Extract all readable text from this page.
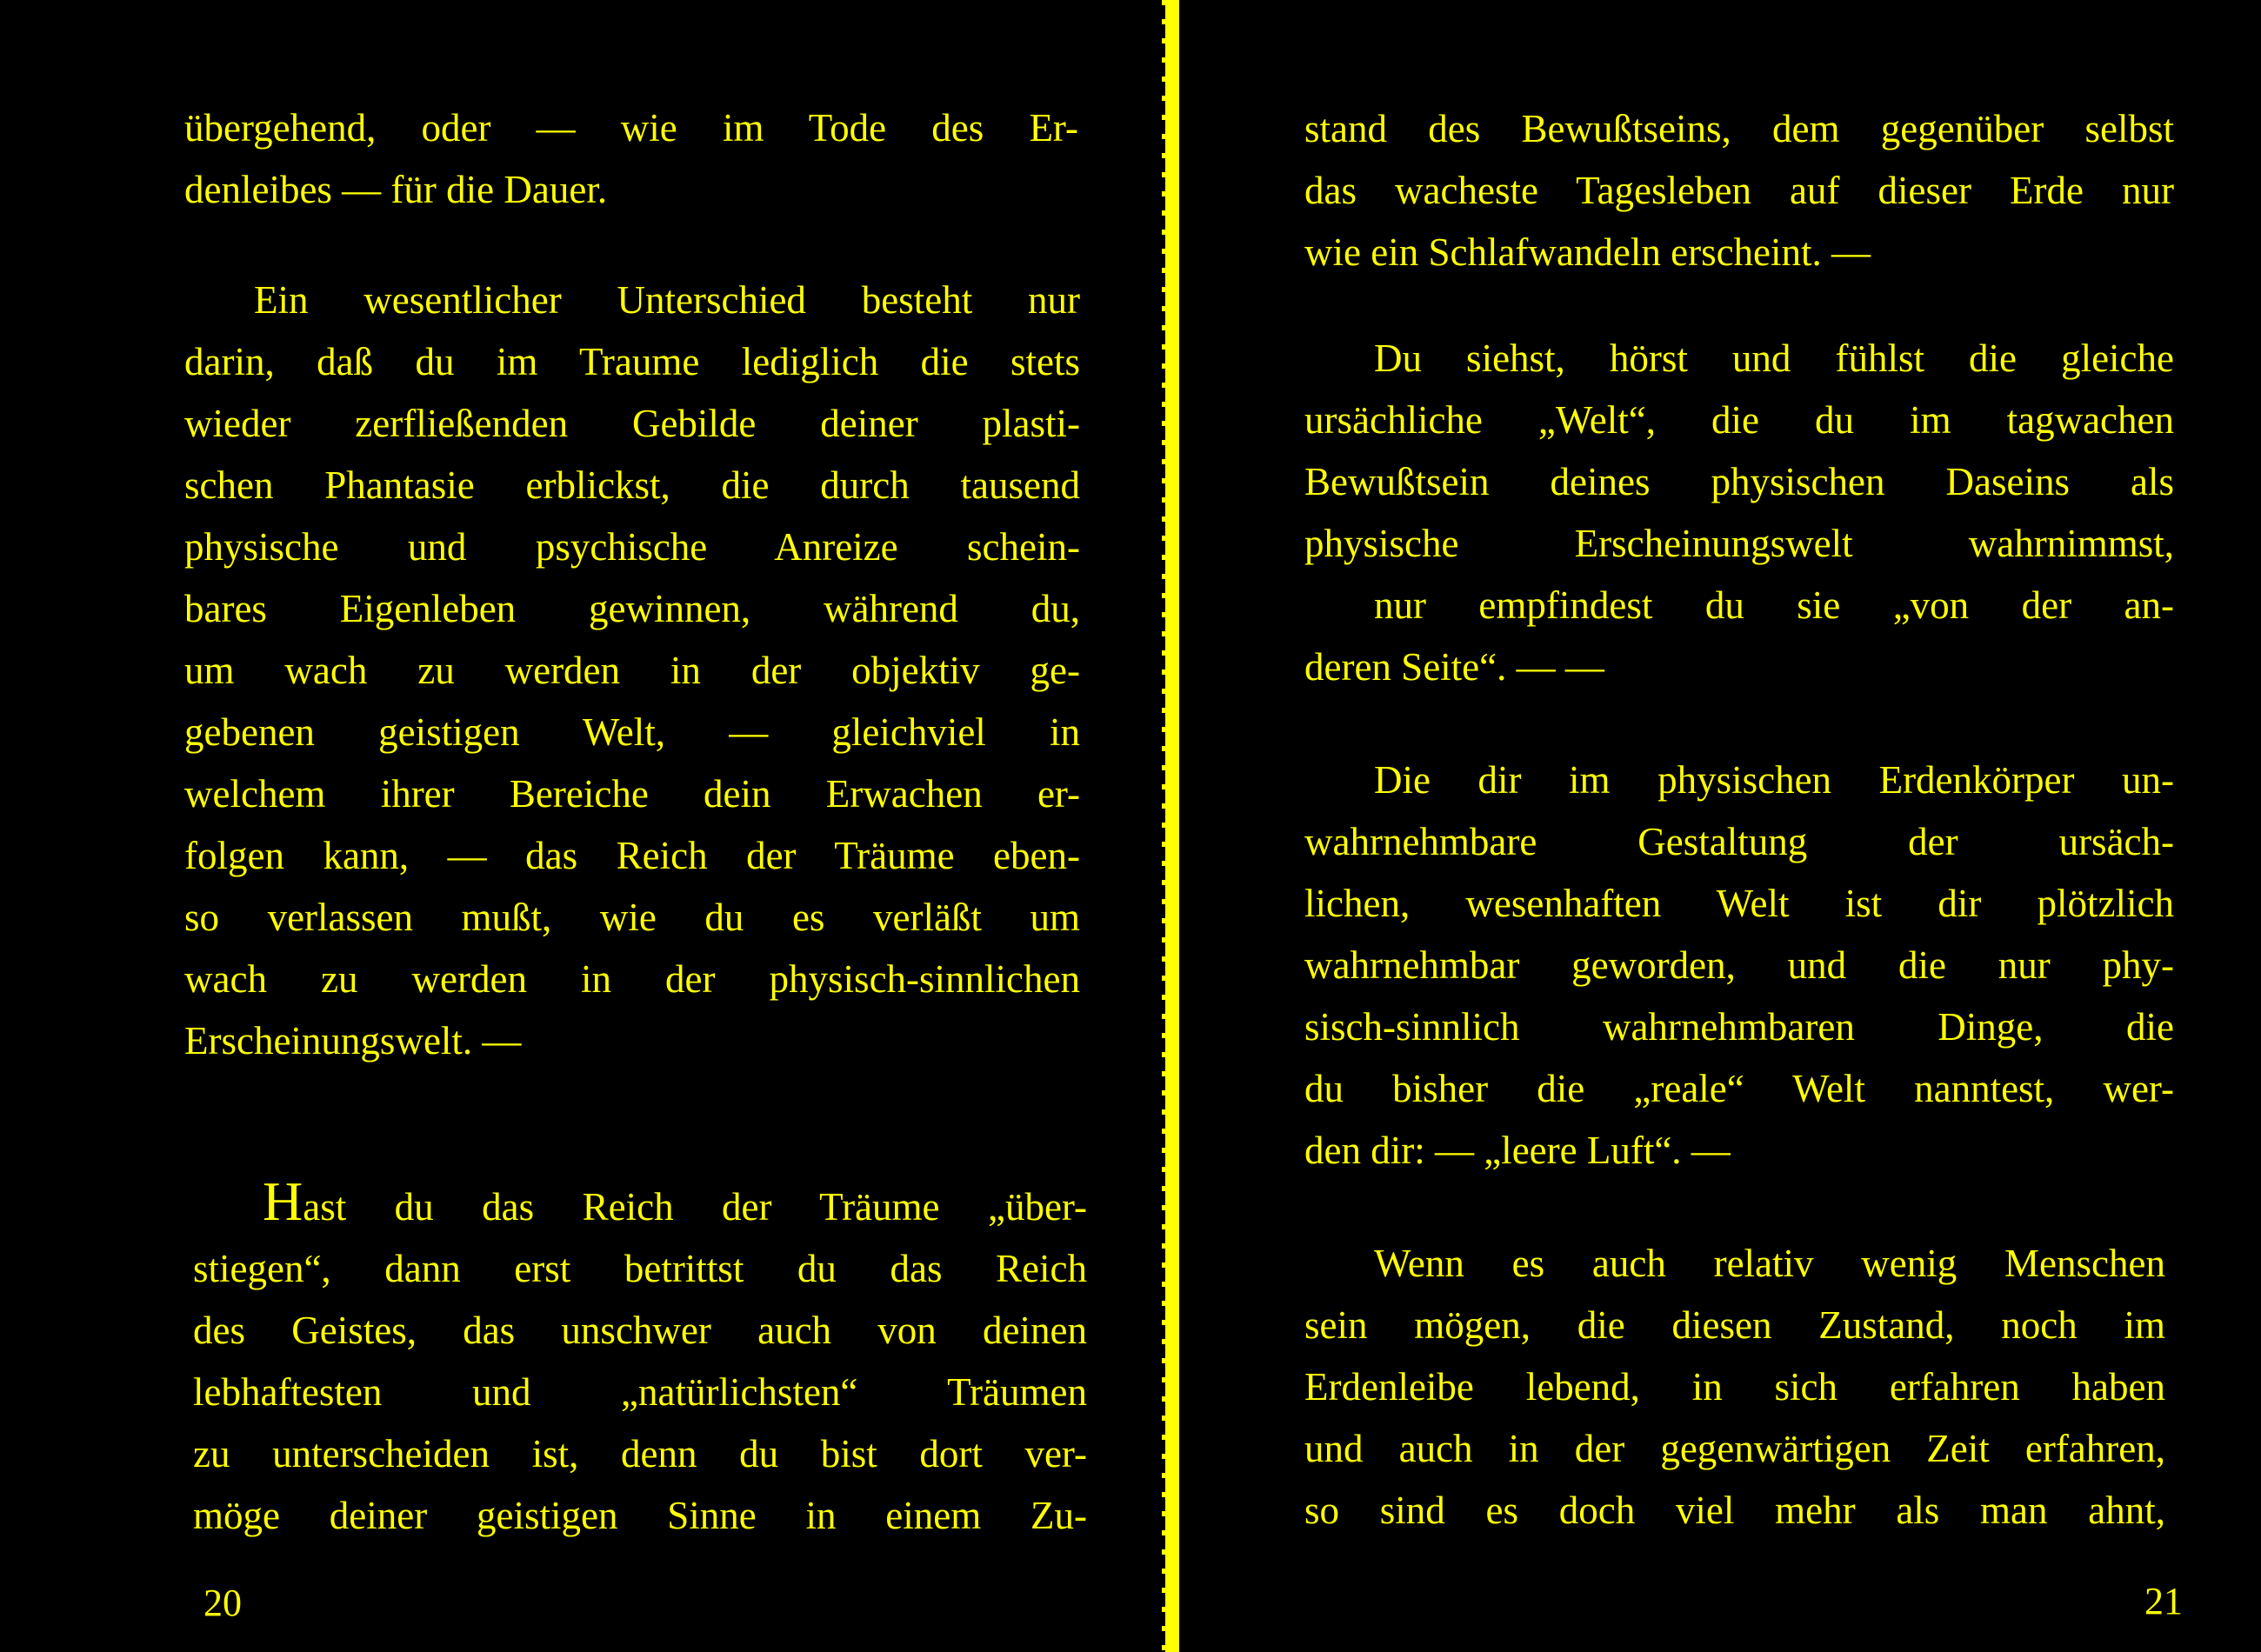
übergehend, oder — wie im Tode des Er-
denleibes — für die Dauer.
Ein wesentlicher Unterschied besteht nur
darin, daß du im Traume lediglich die stets
wieder zerfließenden Gebilde deiner plasti-
schen Phantasie erblickst, die durch tausend
physische und psychische Anreize schein-
bares Eigenleben gewinnen, während du,
um wach zu werden in der objektiv ge-
gebenen geistigen Welt, — gleichviel in
welchem ihrer Bereiche dein Erwachen er-
folgen kann, — das Reich der Träume eben-
so verlassen mußt, wie du es verläßt um
wach zu werden in der physisch-sinnlichen
Erscheinungswelt. —
Hast du das Reich der Träume „über-
stiegen“, dann erst betrittst du das Reich
des Geistes, das unschwer auch von deinen
lebhaftesten und „natürlichsten“ Träumen
zu unterscheiden ist, denn du bist dort ver-
möge deiner geistigen Sinne in einem Zu-
20
stand des Bewußtseins, dem gegenüber selbst
das wacheste Tagesleben auf dieser Erde nur
wie ein Schlafwandeln erscheint. —
Du siehst, hörst und fühlst die gleiche
ursächliche „Welt“, die du im tagwachen
Bewußtsein deines physischen Daseins als
physische Erscheinungswelt wahrnimmst,
nur empfindest du sie „von der an-
deren Seite“. — —
Die dir im physischen Erdenkörper un-
wahrnehmbare Gestaltung der ursäch-
lichen, wesenhaften Welt ist dir plötzlich
wahrnehmbar geworden, und die nur phy-
sisch-sinnlich wahrnehmbaren Dinge, die
du bisher die „reale“ Welt nanntest, wer-
den dir: — „leere Luft“. —
Wenn es auch relativ wenig Menschen
sein mögen, die diesen Zustand, noch im
Erdenleibe lebend, in sich erfahren haben
und auch in der gegenwärtigen Zeit erfahren,
so sind es doch viel mehr als man ahnt,
21
